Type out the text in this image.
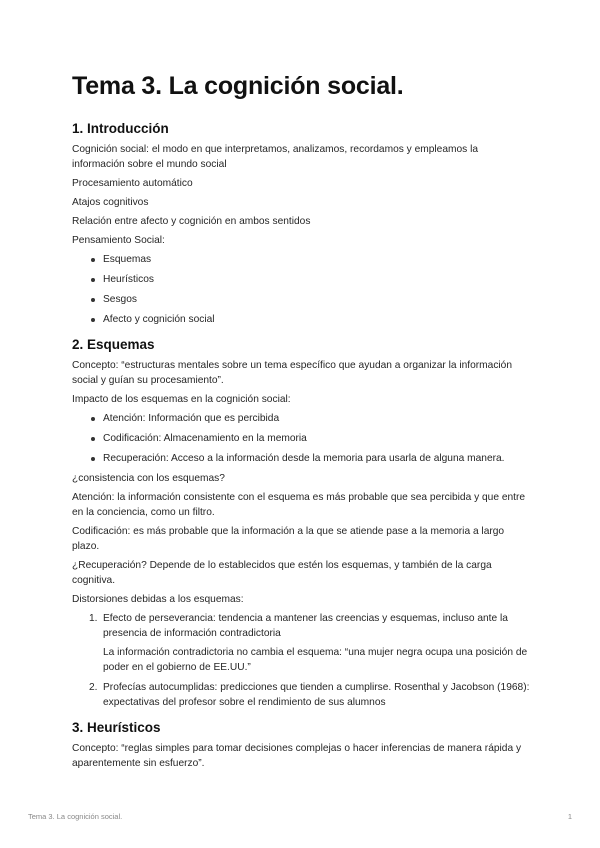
Tema 3. La cognición social.
1. Introducción

Cognición social: el modo en que interpretamos, analizamos, recordamos y empleamos la información sobre el mundo social

Procesamiento automático

Atajos cognitivos

Relación entre afecto y cognición en ambos sentidos

Pensamiento Social:

Esquemas
Heurísticos
Sesgos
Afecto y cognición social
2. Esquemas

Concepto: “estructuras mentales sobre un tema específico que ayudan a organizar la información social y guían su procesamiento”.

Impacto de los esquemas en la cognición social:

Atención: Información que es percibida
Codificación: Almacenamiento en la memoria
Recuperación: Acceso a la información desde la memoria para usarla de alguna manera.

¿consistencia con los esquemas?

Atención: la información consistente con el esquema es más probable que sea percibida y que entre en la conciencia, como un filtro.

Codificación: es más probable que la información a la que se atiende pase a la memoria a largo plazo.

¿Recuperación? Depende de lo establecidos que estén los esquemas, y también de la carga cognitiva.

Distorsiones debidas a los esquemas:

1. Efecto de perseverancia: tendencia a mantener las creencias y esquemas, incluso ante la presencia de información contradictoria

La información contradictoria no cambia el esquema: “una mujer negra ocupa una posición de poder en el gobierno de EE.UU.”

2. Profecías autocumplidas: predicciones que tienden a cumplirse. Rosenthal y Jacobson (1968): expectativas del profesor sobre el rendimiento de sus alumnos
3. Heurísticos

Concepto: “reglas simples para tomar decisiones complejas o hacer inferencias de manera rápida y aparentemente sin esfuerzo”.

Tema 3. La cognición social.	1
